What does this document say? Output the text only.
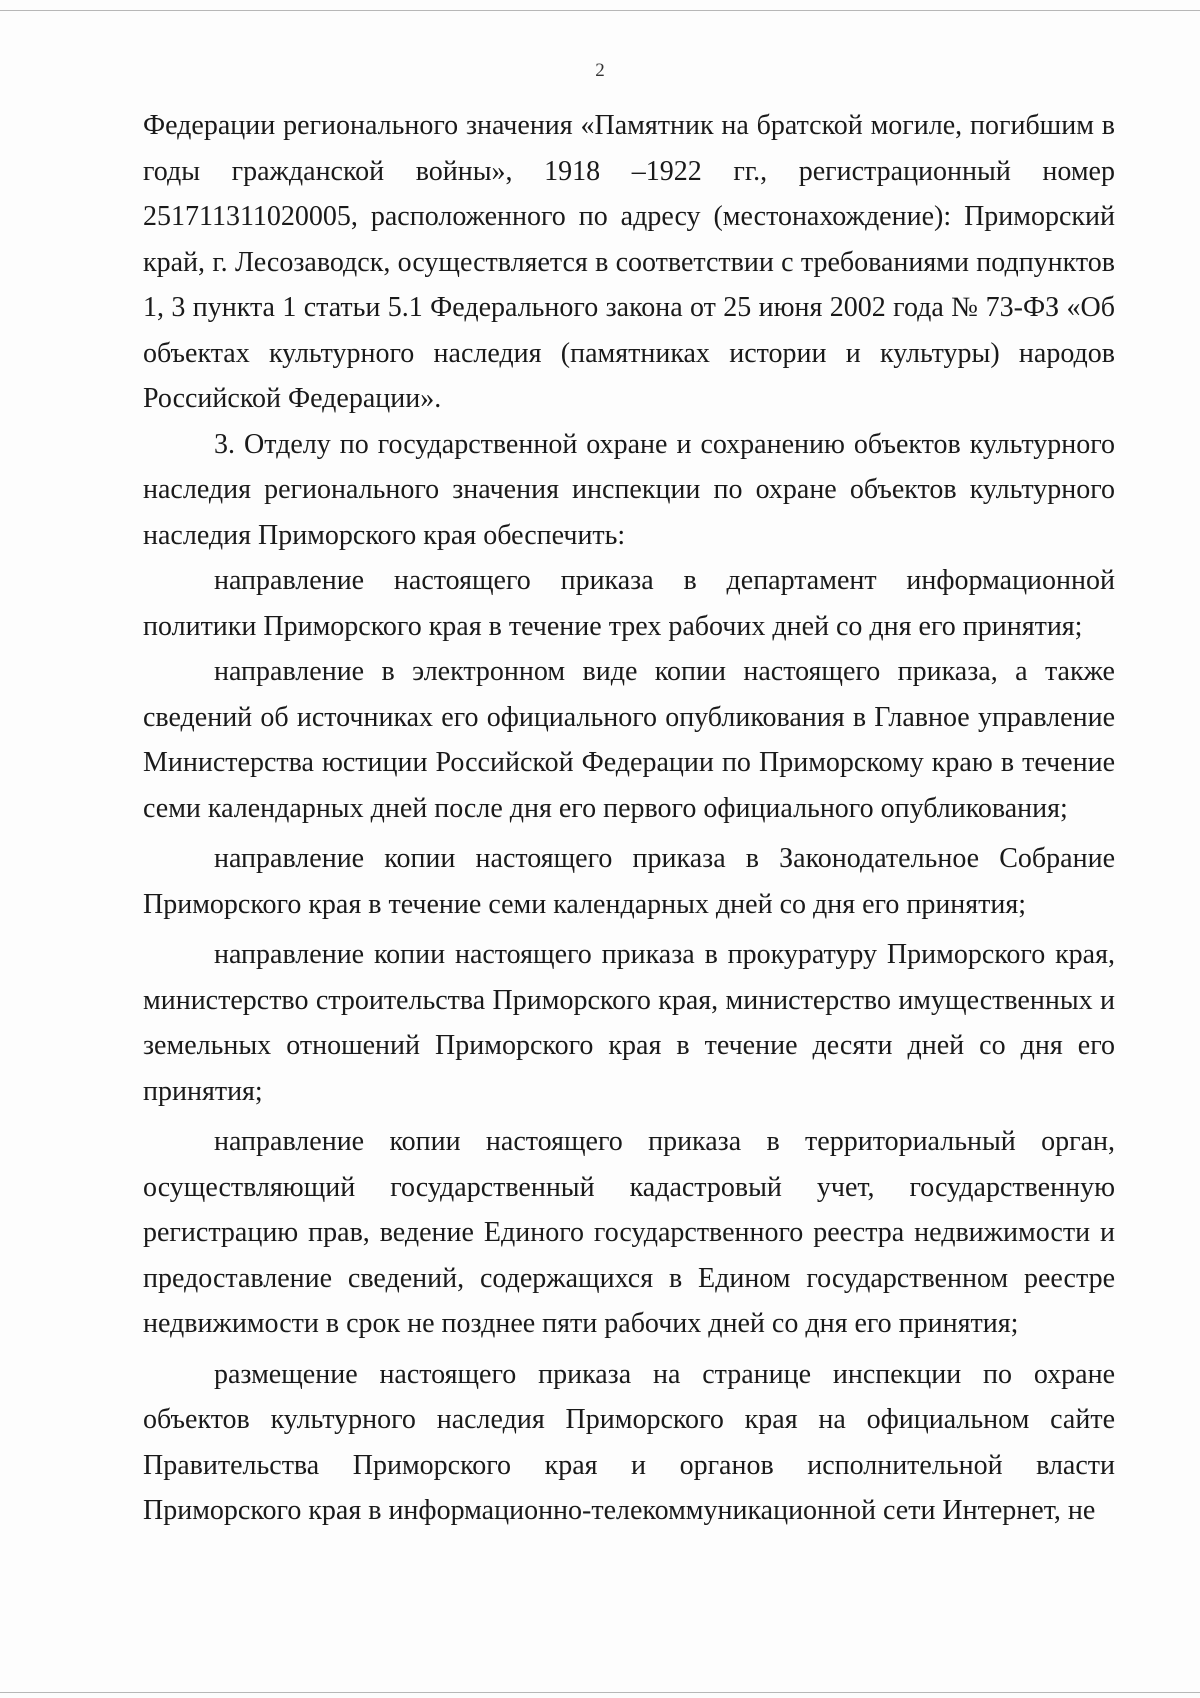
2

Федерации регионального значения «Памятник на братской могиле, погибшим в годы гражданской войны», 1918 –1922 гг., регистрационный номер 251711311020005, расположенного по адресу (местонахождение): Приморский край, г. Лесозаводск, осуществляется в соответствии с требованиями подпунктов 1, 3 пункта 1 статьи 5.1 Федерального закона от 25 июня 2002 года № 73-ФЗ «Об объектах культурного наследия (памятниках истории и культуры) народов Российской Федерации».

3. Отделу по государственной охране и сохранению объектов культурного наследия регионального значения инспекции по охране объектов культурного наследия Приморского края обеспечить:

направление настоящего приказа в департамент информационной политики Приморского края в течение трех рабочих дней со дня его принятия;

направление в электронном виде копии настоящего приказа, а также сведений об источниках его официального опубликования в Главное управление Министерства юстиции Российской Федерации по Приморскому краю в течение семи календарных дней после дня его первого официального опубликования;

направление копии настоящего приказа в Законодательное Собрание Приморского края в течение семи календарных дней со дня его принятия;

направление копии настоящего приказа в прокуратуру Приморского края, министерство строительства Приморского края, министерство имущественных и земельных отношений Приморского края в течение десяти дней со дня его принятия;

направление копии настоящего приказа в территориальный орган, осуществляющий государственный кадастровый учет, государственную регистрацию прав, ведение Единого государственного реестра недвижимости и предоставление сведений, содержащихся в Едином государственном реестре недвижимости в срок не позднее пяти рабочих дней со дня его принятия;

размещение настоящего приказа на странице инспекции по охране объектов культурного наследия Приморского края на официальном сайте Правительства Приморского края и органов исполнительной власти Приморского края в информационно-телекоммуникационной сети Интернет, не
